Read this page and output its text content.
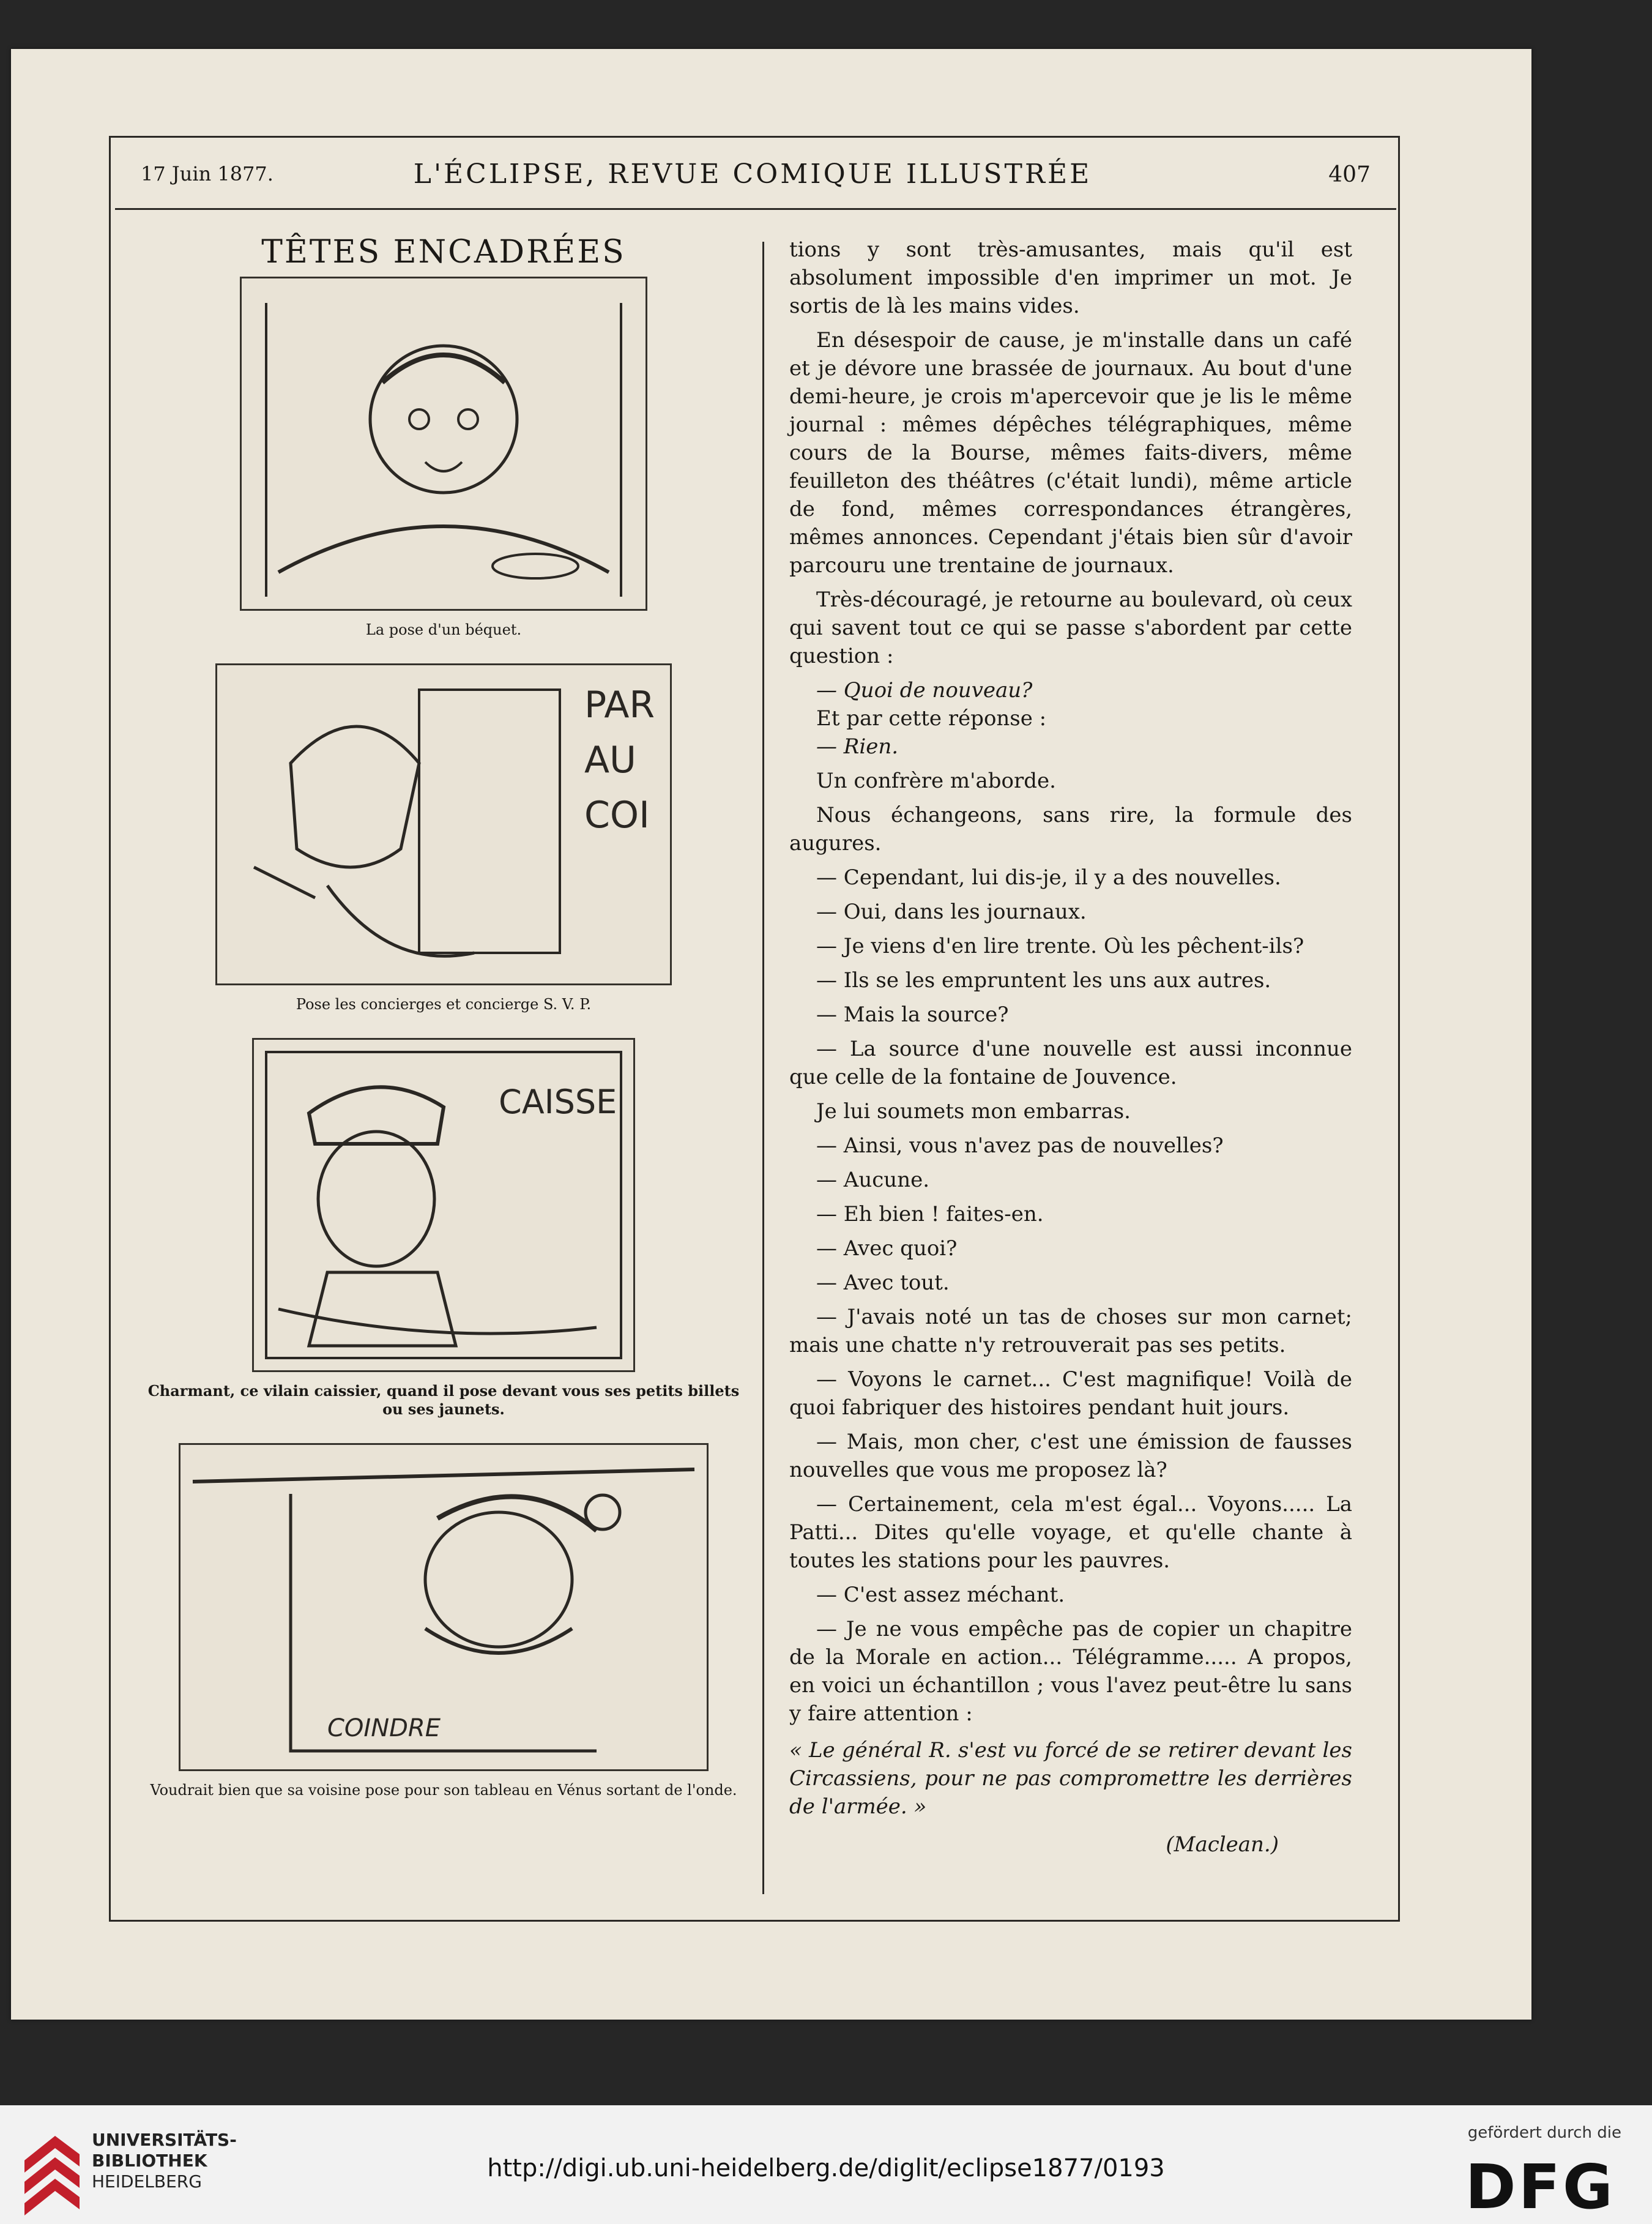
17 Juin 1877.	L'ÉCLIPSE, REVUE COMIQUE ILLUSTRÉE	407
TÊTES ENCADRÉES
La pose d'un béquet.
PAR AU COI
Pose les concierges et concierge S. V. P.
CAISSE
Charmant, ce vilain caissier, quand il pose devant vous ses petits billets ou ses jaunets.
COINDRE
Voudrait bien que sa voisine pose pour son tableau en Vénus sortant de l'onde.

tions y sont très-amusantes, mais qu'il est absolument impossible d'en imprimer un mot. Je sortis de là les mains vides.

En désespoir de cause, je m'installe dans un café et je dévore une brassée de journaux. Au bout d'une demi-heure, je crois m'apercevoir que je lis le même journal : mêmes dépêches télégraphiques, même cours de la Bourse, mêmes faits-divers, même feuilleton des théâtres (c'était lundi), même article de fond, mêmes correspondances étrangères, mêmes annonces. Cependant j'étais bien sûr d'avoir parcouru une trentaine de journaux.

Très-découragé, je retourne au boulevard, où ceux qui savent tout ce qui se passe s'abordent par cette question :

— Quoi de nouveau?

Et par cette réponse :

— Rien.

Un confrère m'aborde.

Nous échangeons, sans rire, la formule des augures.

— Cependant, lui dis-je, il y a des nouvelles.

— Oui, dans les journaux.

— Je viens d'en lire trente. Où les pêchent-ils?

— Ils se les empruntent les uns aux autres.

— Mais la source?

— La source d'une nouvelle est aussi inconnue que celle de la fontaine de Jouvence.

Je lui soumets mon embarras.

— Ainsi, vous n'avez pas de nouvelles?

— Aucune.

— Eh bien ! faites-en.

— Avec quoi?

— Avec tout.

— J'avais noté un tas de choses sur mon carnet; mais une chatte n'y retrouverait pas ses petits.

— Voyons le carnet... C'est magnifique! Voilà de quoi fabriquer des histoires pendant huit jours.

— Mais, mon cher, c'est une émission de fausses nouvelles que vous me proposez là?

— Certainement, cela m'est égal... Voyons..... La Patti... Dites qu'elle voyage, et qu'elle chante à toutes les stations pour les pauvres.

— C'est assez méchant.

— Je ne vous empêche pas de copier un chapitre de la Morale en action... Télégramme..... A propos, en voici un échantillon ; vous l'avez peut-être lu sans y faire attention :

« Le général R. s'est vu forcé de se retirer devant les Circassiens, pour ne pas compromettre les derrières de l'armée. »

(Maclean.)

UNIVERSITÄTS-
BIBLIOTHEK
HEIDELBERG	http://digi.ub.uni-heidelberg.de/diglit/eclipse1877/0193
gefördert durch die
DFG
